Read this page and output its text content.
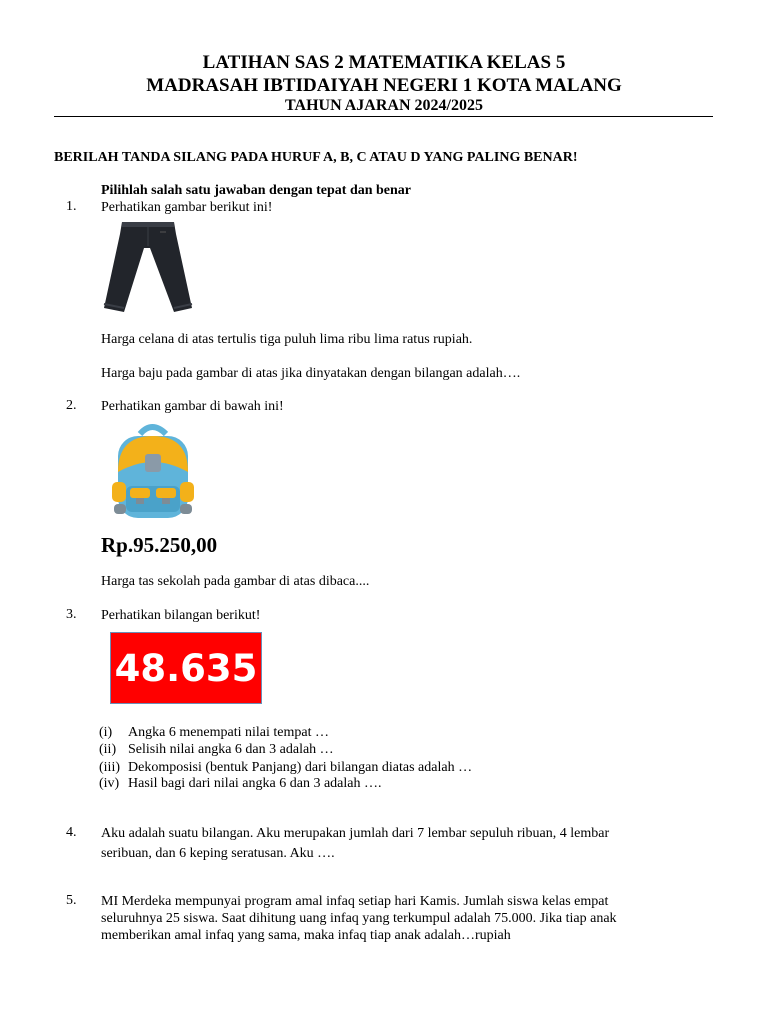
LATIHAN SAS 2 MATEMATIKA KELAS 5
MADRASAH IBTIDAIYAH NEGERI 1 KOTA MALANG
TAHUN AJARAN 2024/2025
BERILAH TANDA SILANG PADA HURUF A, B, C ATAU D YANG PALING BENAR!
Pilihlah salah satu jawaban dengan tepat dan benar
1. Perhatikan gambar berikut ini!
Harga celana di atas tertulis tiga puluh lima ribu lima ratus rupiah.
Harga baju pada gambar di atas jika dinyatakan dengan bilangan adalah….
2. Perhatikan gambar di bawah ini!
Rp.95.250,00
Harga tas sekolah pada gambar di atas dibaca....
3. Perhatikan bilangan berikut!
48.635
(i) Angka 6 menempati nilai tempat …
(ii) Selisih nilai angka 6 dan 3 adalah …
(iii) Dekomposisi (bentuk Panjang) dari bilangan diatas adalah …
(iv) Hasil bagi dari nilai angka 6 dan 3 adalah ….
4. Aku adalah suatu bilangan. Aku merupakan jumlah dari 7 lembar sepuluh ribuan, 4 lembar
seribuan, dan 6 keping seratusan. Aku ….
5. MI Merdeka mempunyai program amal infaq setiap hari Kamis. Jumlah siswa kelas empat
seluruhnya 25 siswa. Saat dihitung uang infaq yang terkumpul adalah 75.000. Jika tiap anak
memberikan amal infaq yang sama, maka infaq tiap anak adalah…rupiah
